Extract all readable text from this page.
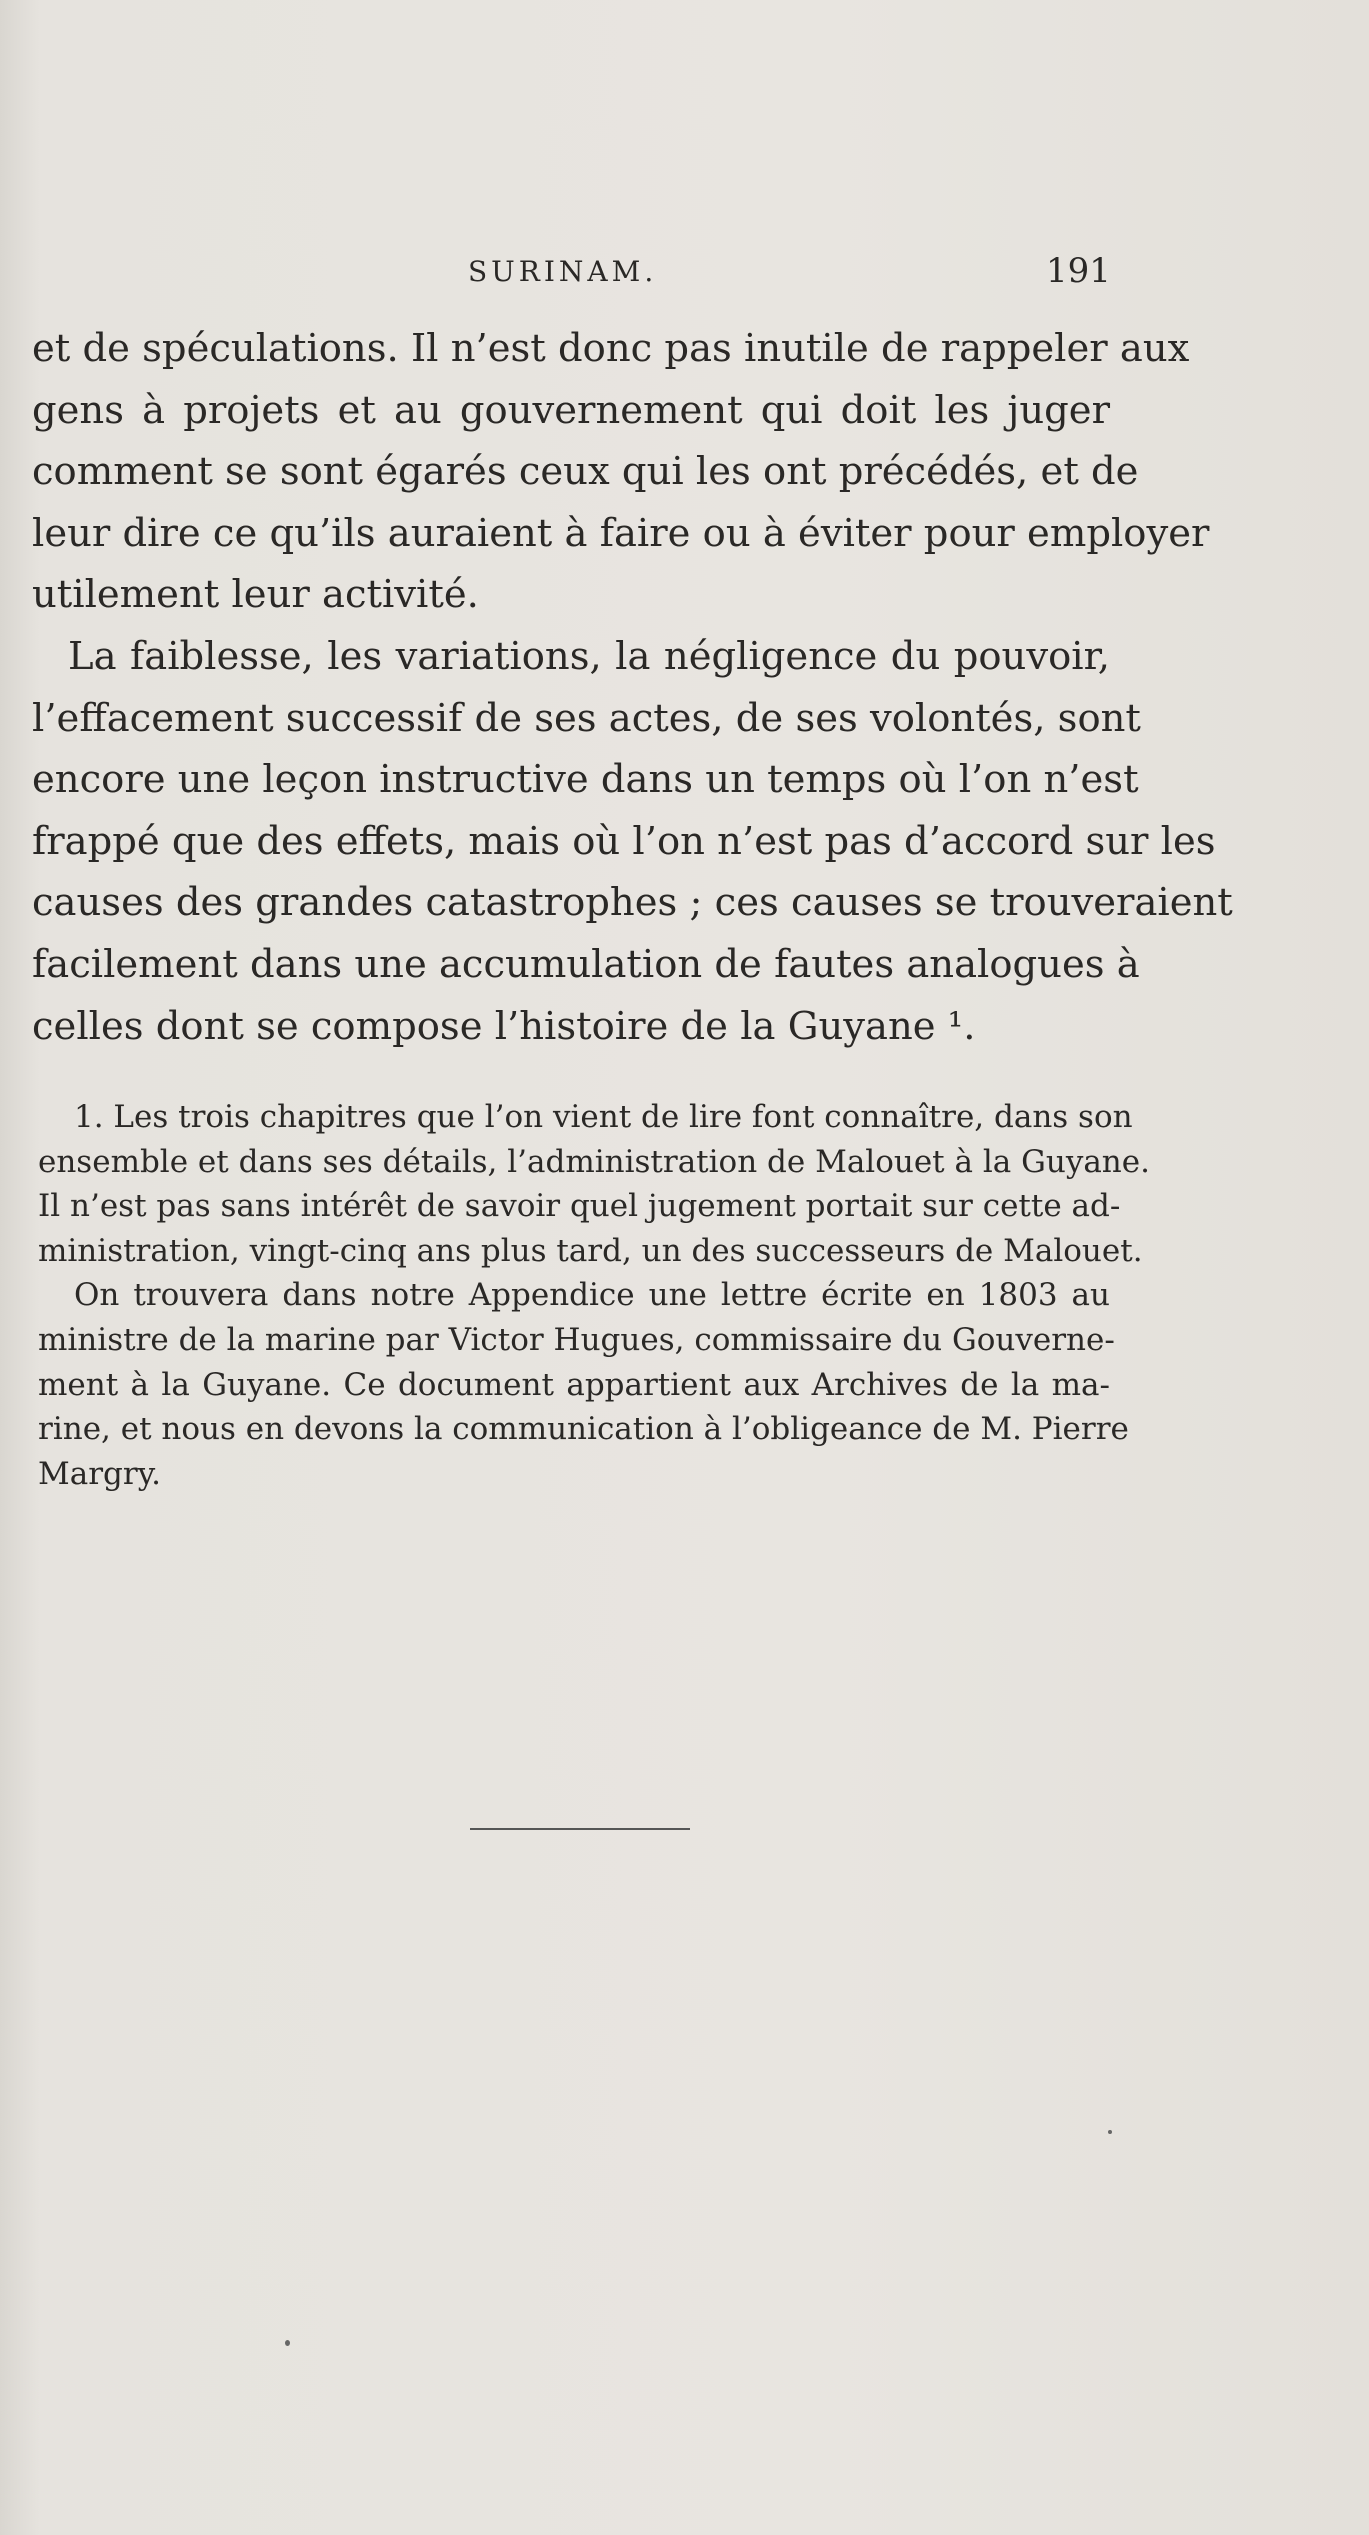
SURINAM.	191
et de spéculations. Il n’est donc pas inutile de rappeler aux
gens à projets et au gouvernement qui doit les juger
comment se sont égarés ceux qui les ont précédés, et de
leur dire ce qu’ils auraient à faire ou à éviter pour employer
utilement leur activité.
La faiblesse, les variations, la négligence du pouvoir,
l’effacement successif de ses actes, de ses volontés, sont
encore une leçon instructive dans un temps où l’on n’est
frappé que des effets, mais où l’on n’est pas d’accord sur les
causes des grandes catastrophes ; ces causes se trouveraient
facilement dans une accumulation de fautes analogues à
celles dont se compose l’histoire de la Guyane ¹.
1. Les trois chapitres que l’on vient de lire font connaître, dans son
ensemble et dans ses détails, l’administration de Malouet à la Guyane.
Il n’est pas sans intérêt de savoir quel jugement portait sur cette ad-
ministration, vingt-cinq ans plus tard, un des successeurs de Malouet.
On trouvera dans notre Appendice une lettre écrite en 1803 au
ministre de la marine par Victor Hugues, commissaire du Gouverne-
ment à la Guyane. Ce document appartient aux Archives de la ma-
rine, et nous en devons la communication à l’obligeance de M. Pierre
Margry.
